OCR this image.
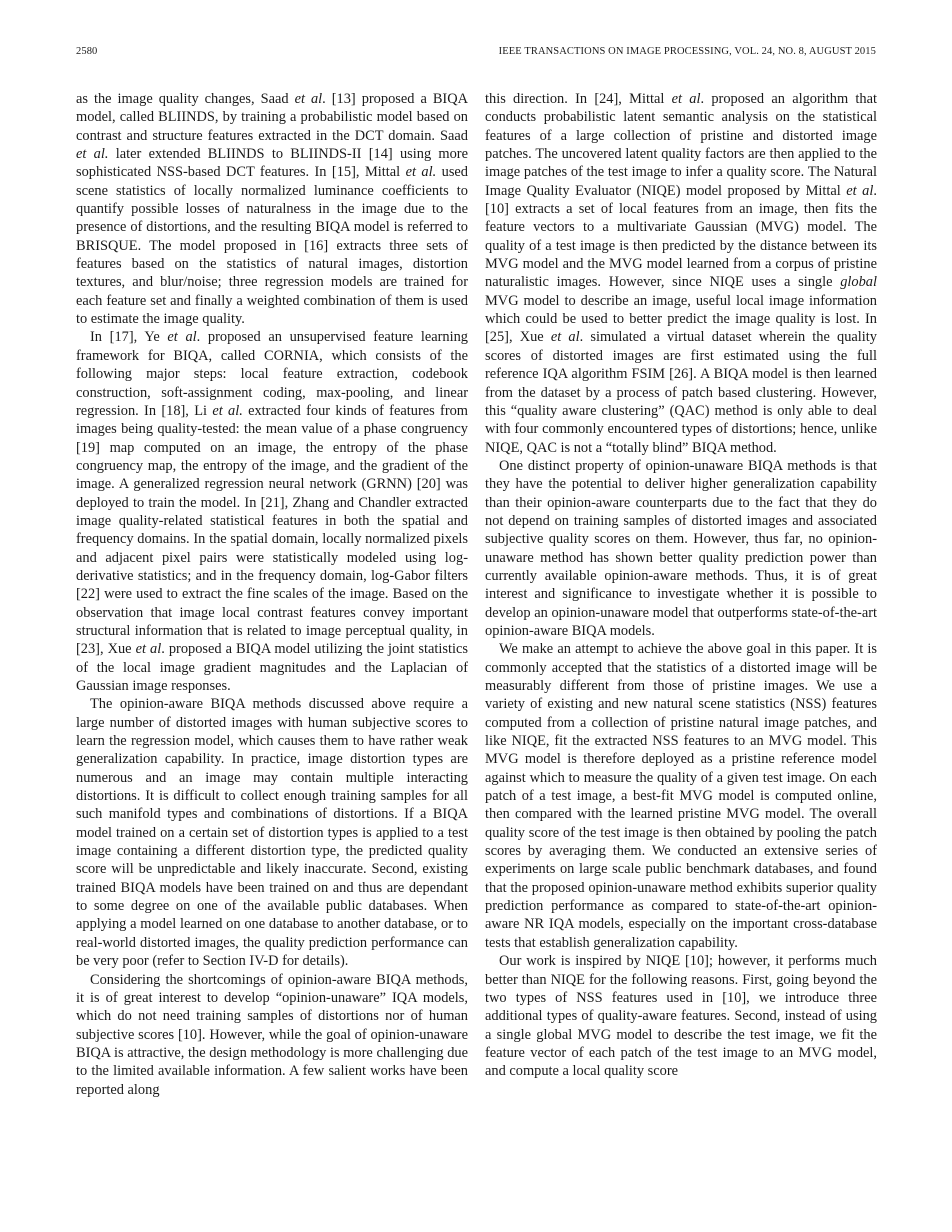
2580	IEEE TRANSACTIONS ON IMAGE PROCESSING, VOL. 24, NO. 8, AUGUST 2015

as the image quality changes, Saad et al. [13] proposed a BIQA model, called BLIINDS, by training a probabilistic model based on contrast and structure features extracted in the DCT domain. Saad et al. later extended BLIINDS to BLIINDS-II [14] using more sophisticated NSS-based DCT features. In [15], Mittal et al. used scene statistics of locally normalized luminance coefficients to quantify possible losses of naturalness in the image due to the presence of distortions, and the resulting BIQA model is referred to BRISQUE. The model proposed in [16] extracts three sets of features based on the statistics of natural images, distortion textures, and blur/noise; three regression models are trained for each feature set and finally a weighted combination of them is used to estimate the image quality.

In [17], Ye et al. proposed an unsupervised feature learning framework for BIQA, called CORNIA, which consists of the following major steps: local feature extraction, codebook construction, soft-assignment coding, max-pooling, and linear regression. In [18], Li et al. extracted four kinds of features from images being quality-tested: the mean value of a phase congruency [19] map computed on an image, the entropy of the phase congruency map, the entropy of the image, and the gradient of the image. A generalized regression neural network (GRNN) [20] was deployed to train the model. In [21], Zhang and Chandler extracted image quality-related statistical features in both the spatial and frequency domains. In the spatial domain, locally normalized pixels and adjacent pixel pairs were statistically modeled using log-derivative statistics; and in the frequency domain, log-Gabor filters [22] were used to extract the fine scales of the image. Based on the observation that image local contrast features convey important structural information that is related to image perceptual quality, in [23], Xue et al. proposed a BIQA model utilizing the joint statistics of the local image gradient magnitudes and the Laplacian of Gaussian image responses.

The opinion-aware BIQA methods discussed above require a large number of distorted images with human subjective scores to learn the regression model, which causes them to have rather weak generalization capability. In practice, image distortion types are numerous and an image may contain multiple interacting distortions. It is difficult to collect enough training samples for all such manifold types and combinations of distortions. If a BIQA model trained on a certain set of distortion types is applied to a test image containing a different distortion type, the predicted quality score will be unpredictable and likely inaccurate. Second, existing trained BIQA models have been trained on and thus are dependant to some degree on one of the available public databases. When applying a model learned on one database to another database, or to real-world distorted images, the quality prediction performance can be very poor (refer to Section IV-D for details).

Considering the shortcomings of opinion-aware BIQA methods, it is of great interest to develop “opinion-unaware” IQA models, which do not need training samples of distortions nor of human subjective scores [10]. However, while the goal of opinion-unaware BIQA is attractive, the design methodology is more challenging due to the limited available information. A few salient works have been reported along

this direction. In [24], Mittal et al. proposed an algorithm that conducts probabilistic latent semantic analysis on the statistical features of a large collection of pristine and distorted image patches. The uncovered latent quality factors are then applied to the image patches of the test image to infer a quality score. The Natural Image Quality Evaluator (NIQE) model proposed by Mittal et al. [10] extracts a set of local features from an image, then fits the feature vectors to a multivariate Gaussian (MVG) model. The quality of a test image is then predicted by the distance between its MVG model and the MVG model learned from a corpus of pristine naturalistic images. However, since NIQE uses a single global MVG model to describe an image, useful local image information which could be used to better predict the image quality is lost. In [25], Xue et al. simulated a virtual dataset wherein the quality scores of distorted images are first estimated using the full reference IQA algorithm FSIM [26]. A BIQA model is then learned from the dataset by a process of patch based clustering. However, this “quality aware clustering” (QAC) method is only able to deal with four commonly encountered types of distortions; hence, unlike NIQE, QAC is not a “totally blind” BIQA method.

One distinct property of opinion-unaware BIQA methods is that they have the potential to deliver higher generalization capability than their opinion-aware counterparts due to the fact that they do not depend on training samples of distorted images and associated subjective quality scores on them. However, thus far, no opinion-unaware method has shown better quality prediction power than currently available opinion-aware methods. Thus, it is of great interest and significance to investigate whether it is possible to develop an opinion-unaware model that outperforms state-of-the-art opinion-aware BIQA models.

We make an attempt to achieve the above goal in this paper. It is commonly accepted that the statistics of a distorted image will be measurably different from those of pristine images. We use a variety of existing and new natural scene statistics (NSS) features computed from a collection of pristine natural image patches, and like NIQE, fit the extracted NSS features to an MVG model. This MVG model is therefore deployed as a pristine reference model against which to measure the quality of a given test image. On each patch of a test image, a best-fit MVG model is computed online, then compared with the learned pristine MVG model. The overall quality score of the test image is then obtained by pooling the patch scores by averaging them. We conducted an extensive series of experiments on large scale public benchmark databases, and found that the proposed opinion-unaware method exhibits superior quality prediction performance as compared to state-of-the-art opinion-aware NR IQA models, especially on the important cross-database tests that establish generalization capability.

Our work is inspired by NIQE [10]; however, it performs much better than NIQE for the following reasons. First, going beyond the two types of NSS features used in [10], we introduce three additional types of quality-aware features. Second, instead of using a single global MVG model to describe the test image, we fit the feature vector of each patch of the test image to an MVG model, and compute a local quality score
